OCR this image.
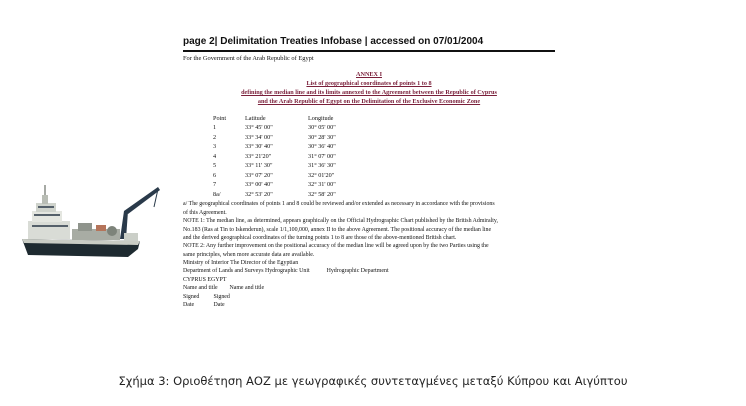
page 2| Delimitation Treaties Infobase | accessed on 07/01/2004
For the Government of the Arab Republic of Egypt
ANNEX I
List of geographical coordinates of points 1 to 8
defining the median line and its limits annexed to the Agreement between the Republic of Cyprus
and the Arab Republic of Egypt on the Delimitation of the Exclusive Economic Zone
Point	Latitude	Longitude
1	33° 45' 00"	30° 05' 00"
2	33° 34' 00"	30° 28' 30"
3	33° 30' 40"	30° 36' 40"
4	33° 21'20"	31° 07' 00"
5	33° 11' 30"	31° 36' 30"
6	33° 07' 20"	32° 01'20"
7	33° 00' 40"	32° 31' 00"
8a/	32° 53' 20"	32° 58' 20"

a/ The geographical coordinates of points 1 and 8 could be reviewed and/or extended as necessary in accordance with the provisions of this Agreement.

NOTE 1: The median line, as determined, appears graphically on the Official Hydrographic Chart published by the British Admiralty, No.183 (Ras at Tin to Iskenderun), scale 1/1,100,000, annex II to the above Agreement. The positional accuracy of the median line and the derived geographical coordinates of the turning points 1 to 8 are those of the above-mentioned British chart.

NOTE 2: Any further improvement on the positional accuracy of the median line will be agreed upon by the two Parties using the same principles, when more accurate data are available.

Ministry of Interior The Director of the Egyptian

Department of Lands and Surveys Hydrographic Unit	Hydrographic Department

CYPRUS EGYPT

Name and title Name and title

Signed Signed

Date	Date

Σχήμα 3: Οριοθέτηση ΑΟΖ με γεωγραφικές συντεταγμένες μεταξύ Κύπρου και Αιγύπτου
